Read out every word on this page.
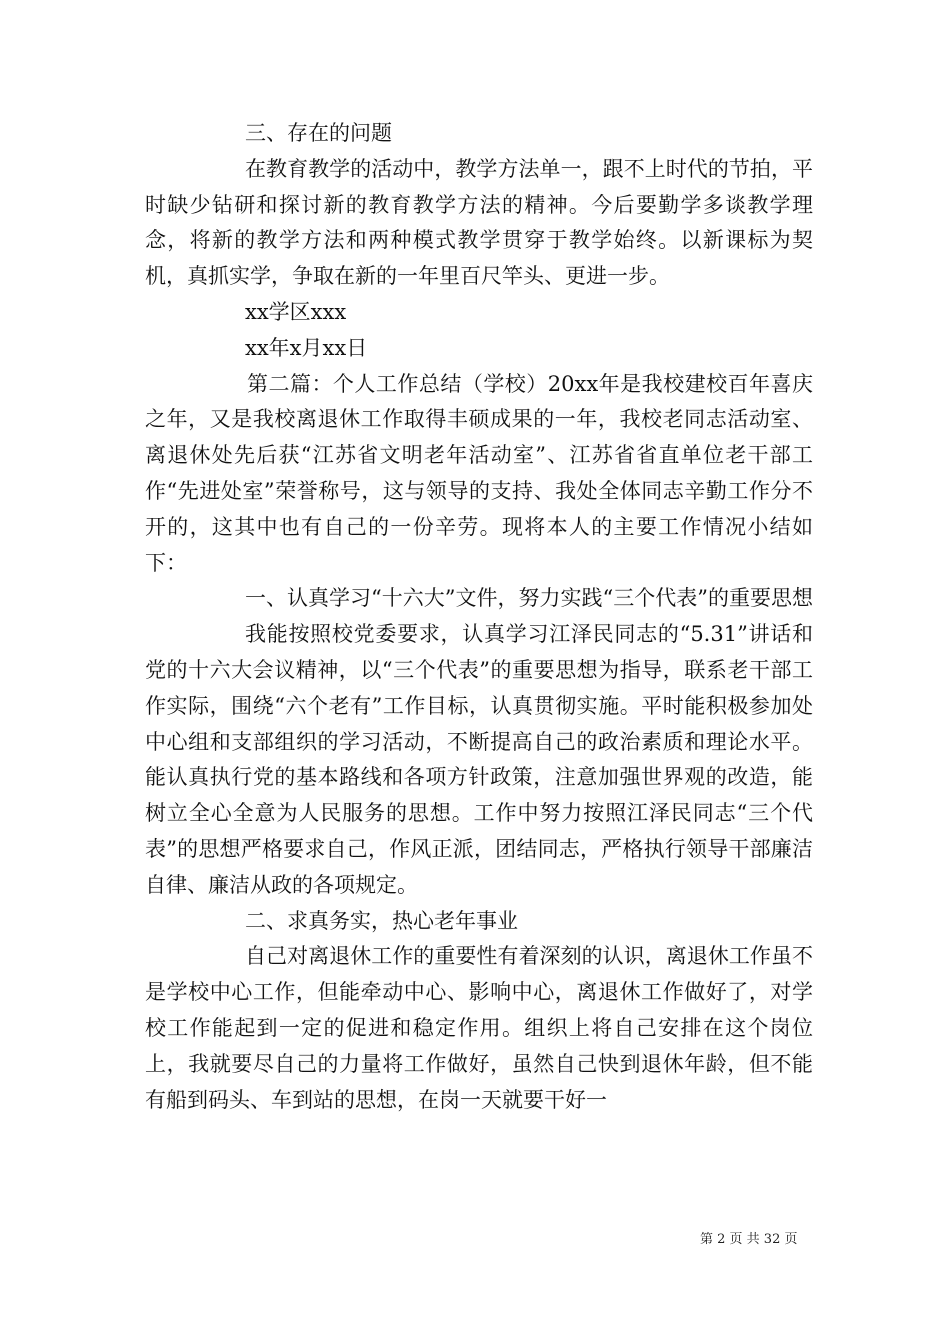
三、存在的问题

在教育教学的活动中，教学方法单一，跟不上时代的节拍，平时缺少钻研和探讨新的教育教学方法的精神。今后要勤学多谈教学理念，将新的教学方法和两种模式教学贯穿于教学始终。以新课标为契机，真抓实学，争取在新的一年里百尺竿头、更进一步。

xx学区xxx

xx年x月xx日

第二篇：个人工作总结（学校）20xx年是我校建校百年喜庆之年，又是我校离退休工作取得丰硕成果的一年，我校老同志活动室、离退休处先后获“江苏省文明老年活动室”、江苏省省直单位老干部工作“先进处室”荣誉称号，这与领导的支持、我处全体同志辛勤工作分不开的，这其中也有自己的一份辛劳。现将本人的主要工作情况小结如下：

一、认真学习“十六大”文件，努力实践“三个代表”的重要思想

我能按照校党委要求，认真学习江泽民同志的“5.31”讲话和党的十六大会议精神，以“三个代表”的重要思想为指导，联系老干部工作实际，围绕“六个老有”工作目标，认真贯彻实施。平时能积极参加处中心组和支部组织的学习活动，不断提高自己的政治素质和理论水平。能认真执行党的基本路线和各项方针政策，注意加强世界观的改造，能树立全心全意为人民服务的思想。工作中努力按照江泽民同志“三个代表”的思想严格要求自己，作风正派，团结同志，严格执行领导干部廉洁自律、廉洁从政的各项规定。

二、求真务实，热心老年事业

自己对离退休工作的重要性有着深刻的认识，离退休工作虽不是学校中心工作，但能牵动中心、影响中心，离退休工作做好了，对学校工作能起到一定的促进和稳定作用。组织上将自己安排在这个岗位上，我就要尽自己的力量将工作做好，虽然自己快到退休年龄，但不能有船到码头、车到站的思想，在岗一天就要干好一

第 2 页 共 32 页
